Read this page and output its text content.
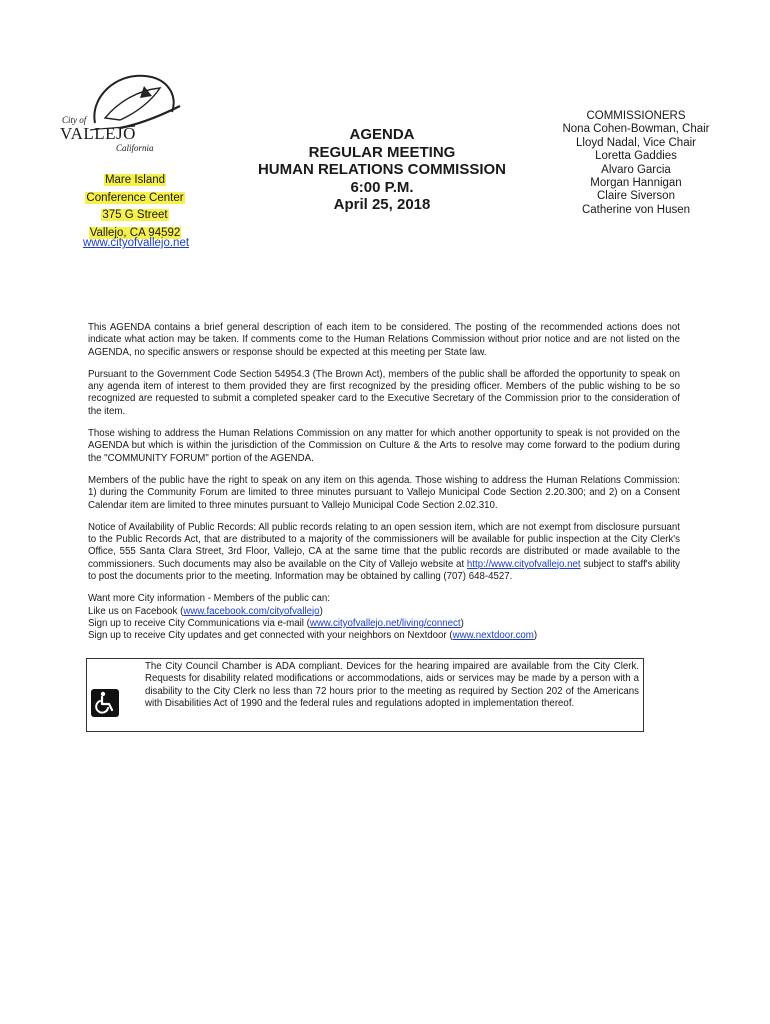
City of
VALLEJO
California
Mare Island
Conference Center
375 G Street
Vallejo, CA 94592
www.cityofvallejo.net
AGENDA
REGULAR MEETING
HUMAN RELATIONS COMMISSION
6:00 P.M.
April 25, 2018
COMMISSIONERS
Nona Cohen-Bowman, Chair
Lloyd Nadal, Vice Chair
Loretta Gaddies
Alvaro Garcia
Morgan Hannigan
Claire Siverson
Catherine von Husen

This AGENDA contains a brief general description of each item to be considered. The posting of the recommended actions does not indicate what action may be taken. If comments come to the Human Relations Commission without prior notice and are not listed on the AGENDA, no specific answers or response should be expected at this meeting per State law.

Pursuant to the Government Code Section 54954.3 (The Brown Act), members of the public shall be afforded the opportunity to speak on any agenda item of interest to them provided they are first recognized by the presiding officer. Members of the public wishing to be so recognized are requested to submit a completed speaker card to the Executive Secretary of the Commission prior to the consideration of the item.

Those wishing to address the Human Relations Commission on any matter for which another opportunity to speak is not provided on the AGENDA but which is within the jurisdiction of the Commission on Culture & the Arts to resolve may come forward to the podium during the "COMMUNITY FORUM" portion of the AGENDA.

Members of the public have the right to speak on any item on this agenda. Those wishing to address the Human Relations Commission: 1) during the Community Forum are limited to three minutes pursuant to Vallejo Municipal Code Section 2.20.300; and 2) on a Consent Calendar item are limited to three minutes pursuant to Vallejo Municipal Code Section 2.02.310.

Notice of Availability of Public Records: All public records relating to an open session item, which are not exempt from disclosure pursuant to the Public Records Act, that are distributed to a majority of the commissioners will be available for public inspection at the City Clerk's Office, 555 Santa Clara Street, 3rd Floor, Vallejo, CA at the same time that the public records are distributed or made available to the commissioners. Such documents may also be available on the City of Vallejo website at http://www.cityofvallejo.net subject to staff's ability to post the documents prior to the meeting. Information may be obtained by calling (707) 648-4527.

Want more City information - Members of the public can:
Like us on Facebook (www.facebook.com/cityofvallejo)
Sign up to receive City Communications via e-mail (www.cityofvallejo.net/living/connect)
Sign up to receive City updates and get connected with your neighbors on Nextdoor (www.nextdoor.com)
The City Council Chamber is ADA compliant. Devices for the hearing impaired are available from the City Clerk. Requests for disability related modifications or accommodations, aids or services may be made by a person with a disability to the City Clerk no less than 72 hours prior to the meeting as required by Section 202 of the Americans with Disabilities Act of 1990 and the federal rules and regulations adopted in implementation thereof.
